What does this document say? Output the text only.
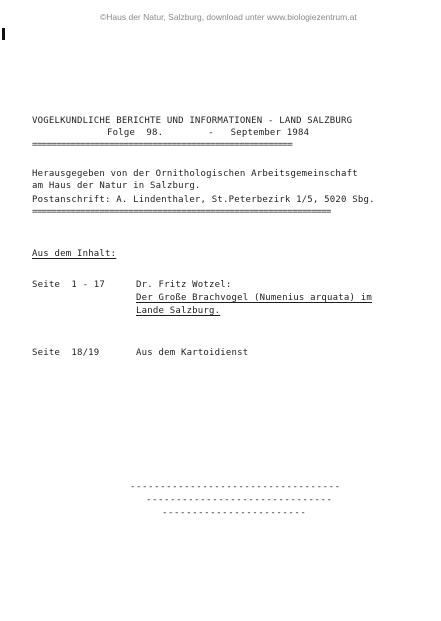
©Haus der Natur, Salzburg, download unter www.biologiezentrum.at
VOGELKUNDLICHE BERICHTE UND INFORMATIONEN - LAND SALZBURG
Folge  98.        -   September 1984
======================================================
Herausgegeben von der Ornithologischen Arbeitsgemeinschaft
am Haus der Natur in Salzburg.
Postanschrift: A. Lindenthaler, St.Peterbezirk 1/5, 5020 Sbg.
==============================================================
Aus dem Inhalt:
Seite  1 - 17	Dr. Fritz Wotzel:
Der Große Brachvogel (Numenius arquata) im
Lande Salzburg.
Seite  18/19	Aus dem Kartoidienst
-----------------------------------
-------------------------------
------------------------
